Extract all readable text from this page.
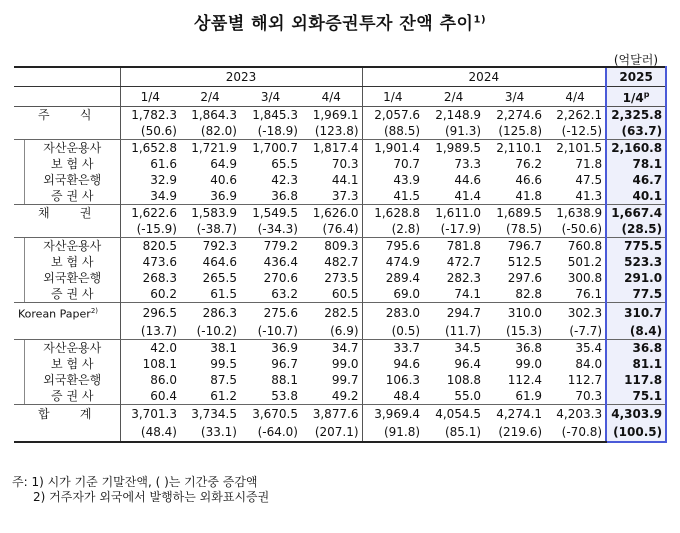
상품별 해외 외화증권투자 잔액 추이$^{1)}$
(억달러)
	2023				2024				2025
	1/4	2/4	3/4	4/4	1/4	2/4	3/4	4/4	1/4$^p$

주 식	1,782.3	1,864.3	1,845.3	1,969.1	2,057.6	2,148.9	2,274.6	2,262.1	2,325.8
	(50.6)	(82.0)	(-18.9)	(123.8)	(88.5)	(91.3)	(125.8)	(-12.5)	(63.7)

자산운용사	1,652.8	1,721.9	1,700.7	1,817.4	1,901.4	1,989.5	2,110.1	2,101.5	2,160.8

보 험 사	61.6	64.9	65.5	70.3	70.7	73.3	76.2	71.8	78.1

외국환은행	32.9	40.6	42.3	44.1	43.9	44.6	46.6	47.5	46.7

증 권 사	34.9	36.9	36.8	37.3	41.5	41.4	41.8	41.3	40.1

채 권	1,622.6	1,583.9	1,549.5	1,626.0	1,628.8	1,611.0	1,689.5	1,638.9	1,667.4
	(-15.9)	(-38.7)	(-34.3)	(76.4)	(2.8)	(-17.9)	(78.5)	(-50.6)	(28.5)

자산운용사	820.5	792.3	779.2	809.3	795.6	781.8	796.7	760.8	775.5

보 험 사	473.6	464.6	436.4	482.7	474.9	472.7	512.5	501.2	523.3

외국환은행	268.3	265.5	270.6	273.5	289.4	282.3	297.6	300.8	291.0

증 권 사	60.2	61.5	63.2	60.5	69.0	74.1	82.8	76.1	77.5
Korean Paper$^{2)}$	296.5	286.3	275.6	282.5	283.0	294.7	310.0	302.3	310.7
	(13.7)	(-10.2)	(-10.7)	(6.9)	(0.5)	(11.7)	(15.3)	(-7.7)	(8.4)

자산운용사	42.0	38.1	36.9	34.7	33.7	34.5	36.8	35.4	36.8

보 험 사	108.1	99.5	96.7	99.0	94.6	96.4	99.0	84.0	81.1

외국환은행	86.0	87.5	88.1	99.7	106.3	108.8	112.4	112.7	117.8

증 권 사	60.4	61.2	53.8	49.2	48.4	55.0	61.9	70.3	75.1

합 계	3,701.3	3,734.5	3,670.5	3,877.6	3,969.4	4,054.5	4,274.1	4,203.3	4,303.9
	(48.4)	(33.1)	(-64.0)	(207.1)	(91.8)	(85.1)	(219.6)	(-70.8)	(100.5)
주: 1) 시가 기준 기말잔액, ( )는 기간중 증감액
2) 거주자가 외국에서 발행하는 외화표시증권
